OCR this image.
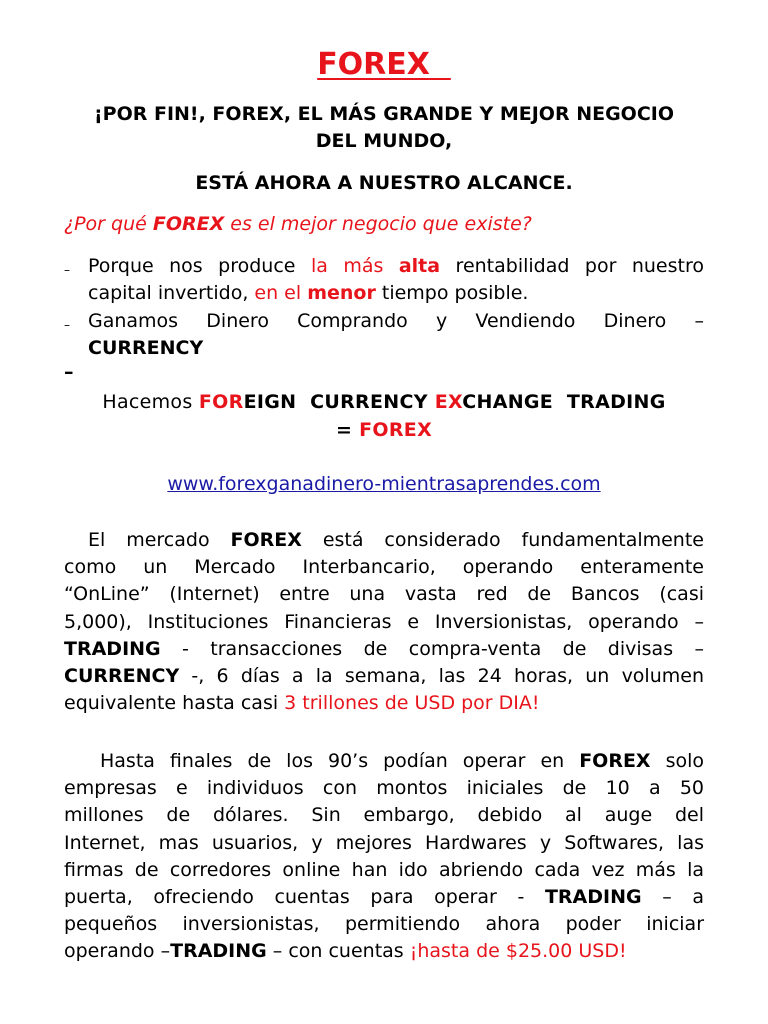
FOREX
¡POR FIN!, FOREX, EL MÁS GRANDE Y MEJOR NEGOCIO
DEL MUNDO,
ESTÁ AHORA A NUESTRO ALCANCE.
¿Por qué FOREX es el mejor negocio que existe?
– Porque nos produce la más alta rentabilidad por nuestro
capital invertido, en el menor tiempo posible.
– Ganamos Dinero Comprando y Vendiendo Dinero –
CURRENCY
–
Hacemos FOREIGN  CURRENCY EXCHANGE  TRADING
= FOREX
www.forexganadinero-mientrasaprendes.com
El mercado FOREX está considerado fundamentalmente
como un Mercado Interbancario, operando enteramente
“OnLine” (Internet) entre una vasta red de Bancos (casi
5,000), Instituciones Financieras e Inversionistas, operando –
TRADING - transacciones de compra-venta de divisas –
CURRENCY -, 6 días a la semana, las 24 horas, un volumen
equivalente hasta casi 3 trillones de USD por DIA!
Hasta finales de los 90’s podían operar en FOREX solo
empresas e individuos con montos iniciales de 10 a 50
millones de dólares. Sin embargo, debido al auge del
Internet, mas usuarios, y mejores Hardwares y Softwares, las
firmas de corredores online han ido abriendo cada vez más la
puerta, ofreciendo cuentas para operar - TRADING – a
pequeños inversionistas, permitiendo ahora poder iniciar
operando –TRADING – con cuentas ¡hasta de $25.00 USD!
